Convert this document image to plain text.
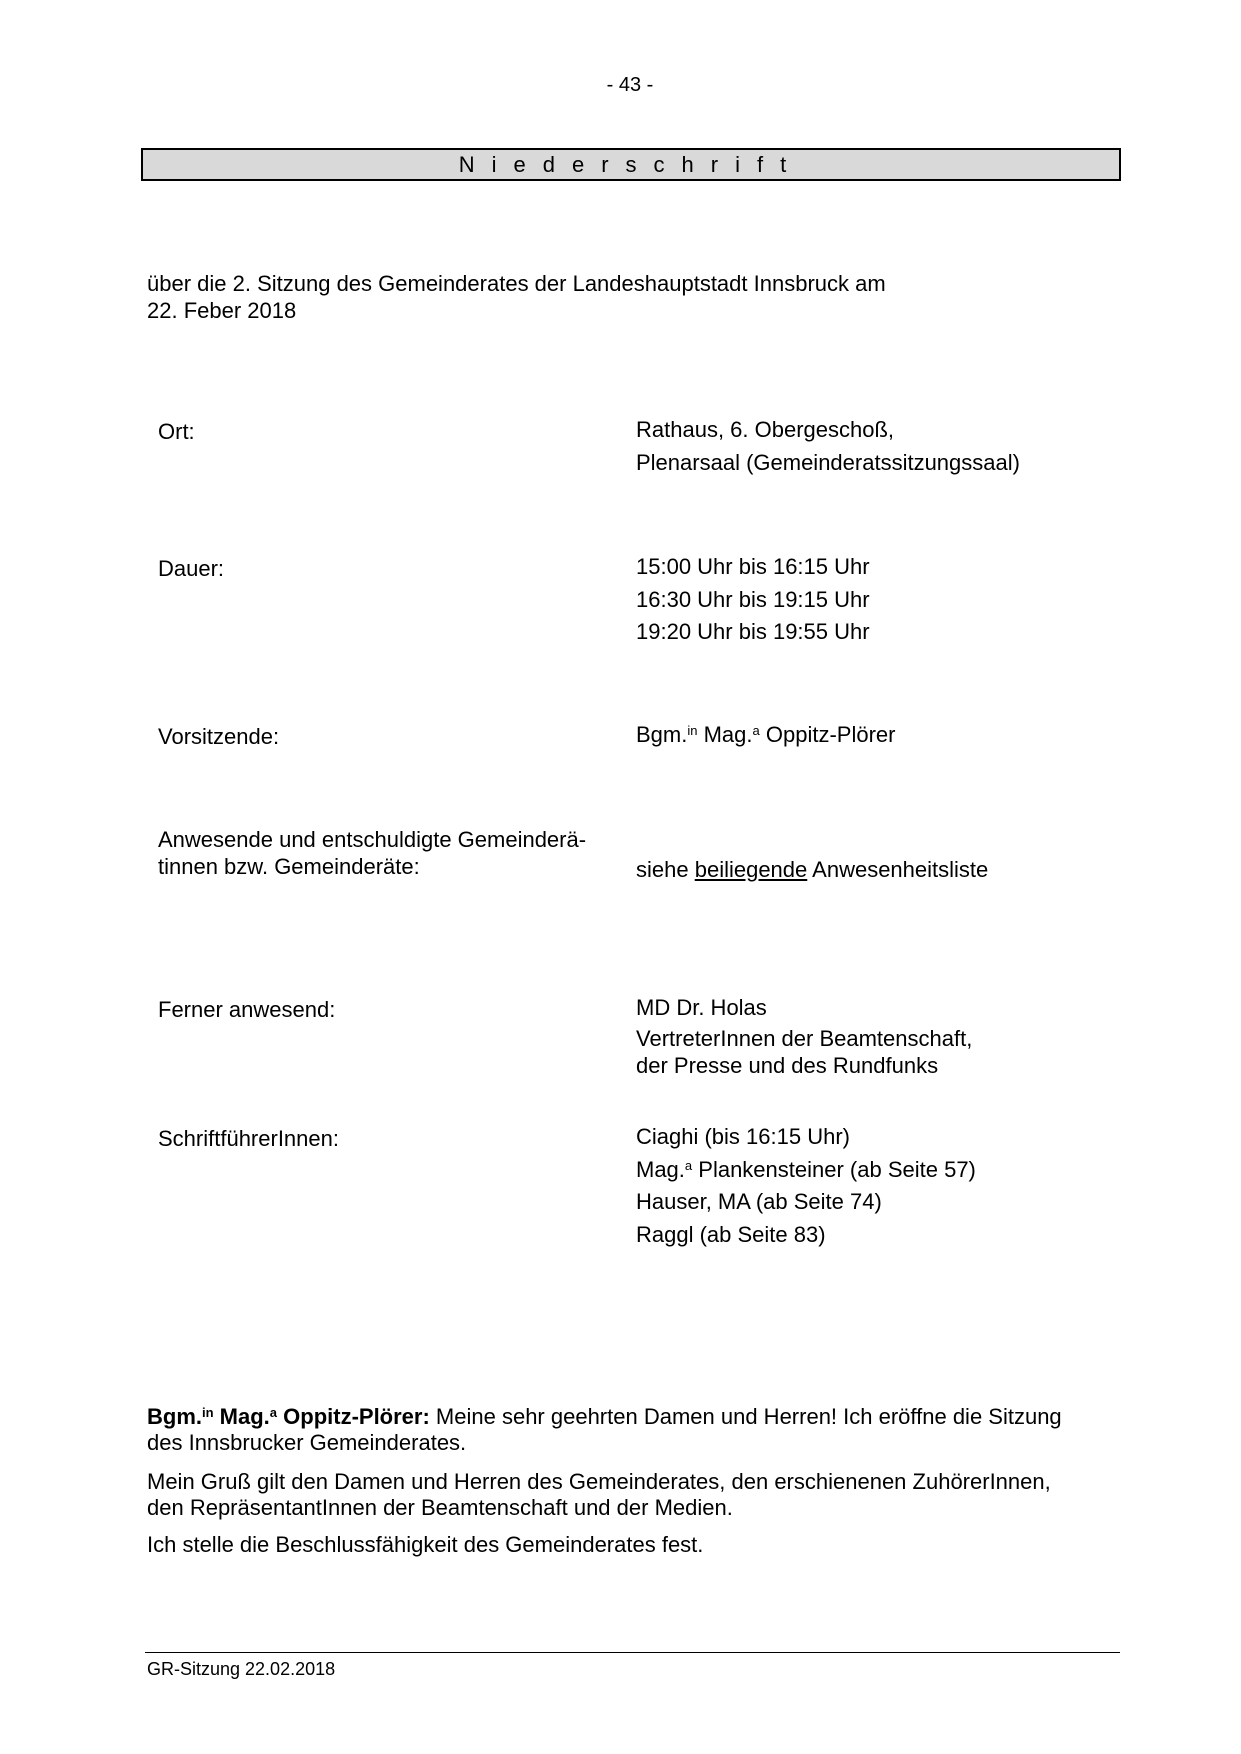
- 43 -
Niederschrift
über die 2. Sitzung des Gemeinderates der Landeshauptstadt Innsbruck am
22. Feber 2018
Ort:	Rathaus, 6. Obergeschoß,
Plenarsaal (Gemeinderatssitzungssaal)
Dauer:	15:00 Uhr bis 16:15 Uhr
16:30 Uhr bis 19:15 Uhr
19:20 Uhr bis 19:55 Uhr
Vorsitzende:	Bgm.$^{in}$ Mag.$^a$ Oppitz-Plörer
Anwesende und entschuldigte Gemeinderä-
tinnen bzw. Gemeinderäte:	siehe beiliegende Anwesenheitsliste
Ferner anwesend:	MD Dr. Holas
VertreterInnen der Beamtenschaft,
der Presse und des Rundfunks
SchriftführerInnen:	Ciaghi (bis 16:15 Uhr)
Mag.$^a$ Plankensteiner (ab Seite 57)
Hauser, MA (ab Seite 74)
Raggl (ab Seite 83)
Bgm.$^{in}$ Mag.$^a$ Oppitz-Plörer: Meine sehr geehrten Damen und Herren! Ich eröffne die Sitzung
des Innsbrucker Gemeinderates.
Mein Gruß gilt den Damen und Herren des Gemeinderates, den erschienenen ZuhörerInnen,
den RepräsentantInnen der Beamtenschaft und der Medien.
Ich stelle die Beschlussfähigkeit des Gemeinderates fest.
GR-Sitzung 22.02.2018
